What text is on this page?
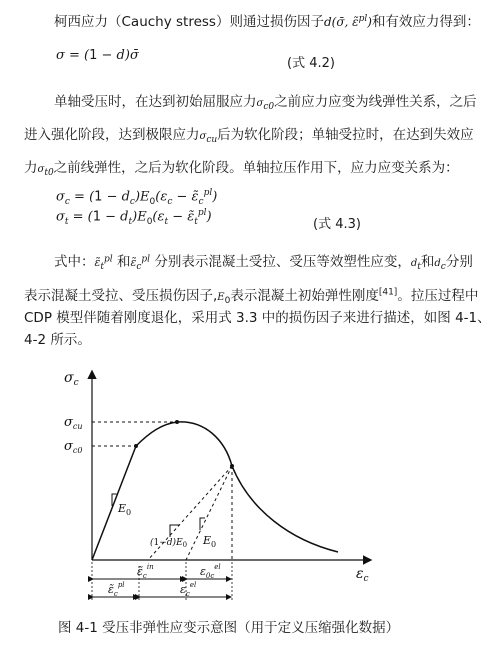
柯西应力（Cauchy stress）则通过损伤因子d(σ̄, ε̃$^{pl}$)和有效应力得到：
σ = (1 − d)σ̄
(式 4.2)
单轴受压时，在达到初始屈服应力$\sigma_{c0}$之前应力应变为线弹性关系，之后
进入强化阶段，达到极限应力$\sigma_{cu}$后为软化阶段；单轴受拉时，在达到失效应
力$\sigma_{t0}$之前线弹性，之后为软化阶段。单轴拉压作用下，应力应变关系为：
$\sigma_c = (1 - d_c)E_0(\varepsilon_c$ − $\varepsiloñ_c^{pl}$)
$\sigma_t = (1 - d_t)E_0(\varepsilon_t$ − $\varepsiloñ_t^{pl}$)
(式 4.3)
式中：$\varepsiloñ_t^{pl}$ 和$\varepsiloñ_c^{pl}$ 分别表示混凝土受拉、受压等效塑性应变，$d_t$和$d_c$分别
表示混凝土受拉、受压损伤因子$,E_0$表示混凝土初始弹性刚度[41]。拉压过程中
CDP 模型伴随着刚度退化，采用式 3.3 中的损伤因子来进行描述，如图 4-1、
4-2 所示。
$\sigma_c$
$\varepsilon_c$
$\sigma_{cu}$
$\sigma_{c0}$
$E_0$
$(1-d)E_0$ $E_0$
$\varepsiloñ_c^{in}$	$\varepsilon_{0c}^{el}$
$\varepsiloñ_c^{pl}$	$\varepsilon_c^{el}$
图 4-1 受压非弹性应变示意图（用于定义压缩强化数据）
